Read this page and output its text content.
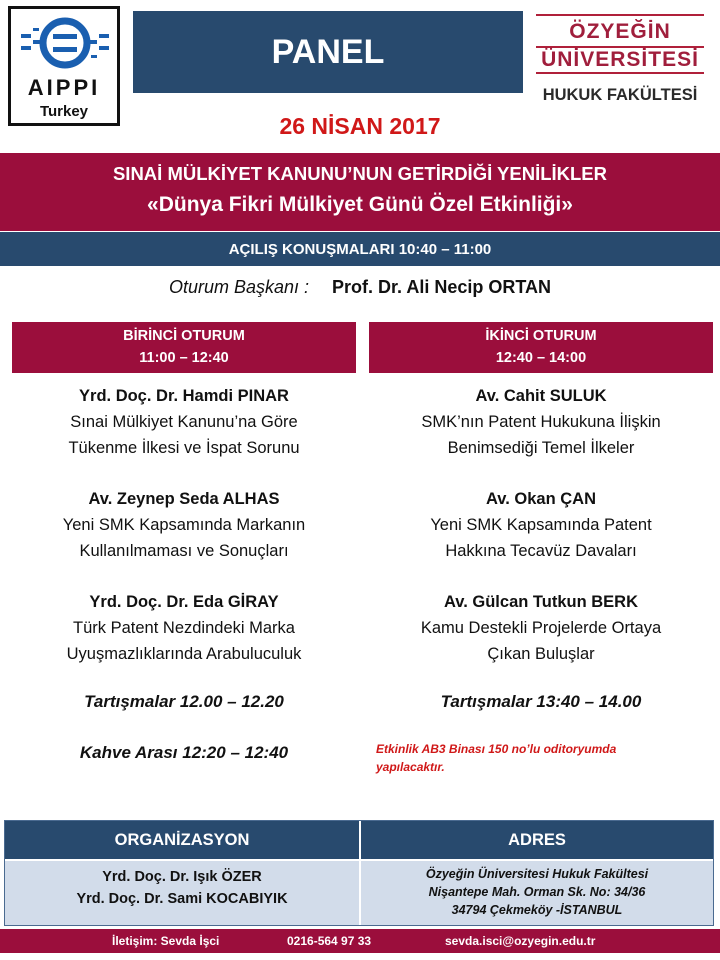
AIPPI
Turkey
PANEL
ÖZYEĞİN
ÜNİVERSİTESİ
HUKUK FAKÜLTESİ
26 NİSAN 2017
SINAİ MÜLKİYET KANUNU’NUN GETİRDİĞİ YENİLİKLER
«Dünya Fikri Mülkiyet Günü Özel Etkinliği»
AÇILIŞ KONUŞMALARI 10:40 – 11:00
Oturum Başkanı : Prof. Dr. Ali Necip ORTAN
BİRİNCİ OTURUM
11:00 – 12:40
İKİNCİ OTURUM
12:40 – 14:00
Yrd. Doç. Dr. Hamdi PINAR
Sınai Mülkiyet Kanunu’na Göre
Tükenme İlkesi ve İspat Sorunu
Av. Zeynep Seda ALHAS
Yeni SMK Kapsamında Markanın
Kullanılmaması ve Sonuçları
Yrd. Doç. Dr. Eda GİRAY
Türk Patent Nezdindeki Marka
Uyuşmazlıklarında Arabuluculuk
Tartışmalar 12.00 – 12.20
Kahve Arası 12:20 – 12:40
Av. Cahit SULUK
SMK’nın Patent Hukukuna İlişkin
Benimsediği Temel İlkeler
Av. Okan ÇAN
Yeni SMK Kapsamında Patent
Hakkına Tecavüz Davaları
Av. Gülcan Tutkun BERK
Kamu Destekli Projelerde Ortaya
Çıkan Buluşlar
Tartışmalar 13:40 – 14.00
Etkinlik AB3 Binası 150 no’lu oditoryumda
yapılacaktır.
ORGANİZASYON	ADRES
Yrd. Doç. Dr. Işık ÖZER
Yrd. Doç. Dr. Sami KOCABIYIK
Özyeğin Üniversitesi Hukuk Fakültesi
Nişantepe Mah. Orman Sk. No: 34/36
34794 Çekmeköy -İSTANBUL
İletişim: Sevda İşci	0216-564 97 33	sevda.isci@ozyegin.edu.tr
